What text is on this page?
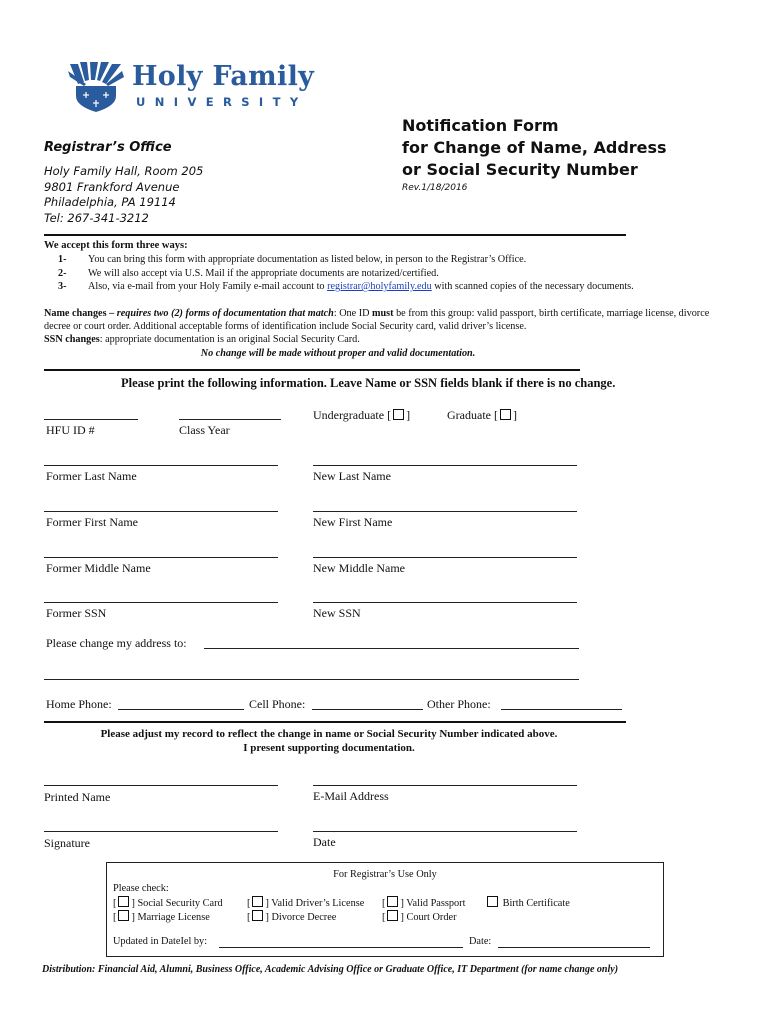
Holy Family
UNIVERSITY
Registrar’s Office
Holy Family Hall, Room 205
9801 Frankford Avenue
Philadelphia, PA 19114
Tel: 267-341-3212
Notification Form
for Change of Name, Address
or Social Security Number
Rev.1/18/2016
We accept this form three ways:
1- You can bring this form with appropriate documentation as listed below, in person to the Registrar’s Office.
2- We will also accept via U.S. Mail if the appropriate documents are notarized/certified.
3- Also, via e-mail from your Holy Family e-mail account to registrar@holyfamily.edu with scanned copies of the necessary documents.
Name changes – requires two (2) forms of documentation that match: One ID must be from this group: valid passport, birth certificate, marriage license, divorce decree or court order. Additional acceptable forms of identification include Social Security card, valid driver’s license.
SSN changes: appropriate documentation is an original Social Security Card.
No change will be made without proper and valid documentation.
Please print the following information. Leave Name or SSN fields blank if there is no change.
HFU ID #	Class Year
Undergraduate [ ]	Graduate [ ]
Former Last Name	New Last Name
Former First Name	New First Name
Former Middle Name	New Middle Name
Former SSN	New SSN
Please change my address to:
Home Phone:	Cell Phone:	Other Phone:
Please adjust my record to reflect the change in name or Social Security Number indicated above.
I present supporting documentation.
Printed Name	E-Mail Address
Signature	Date
For Registrar’s Use Only
Please check:
[ ] Social Security Card [ ] Valid Driver’s License [ ] Valid Passport	Birth Certificate
[ ] Marriage License	[ ] Divorce Decree	[ ] Court Order
Updated in DateIel by:	Date:
Distribution: Financial Aid, Alumni, Business Office, Academic Advising Office or Graduate Office, IT Department (for name change only)
